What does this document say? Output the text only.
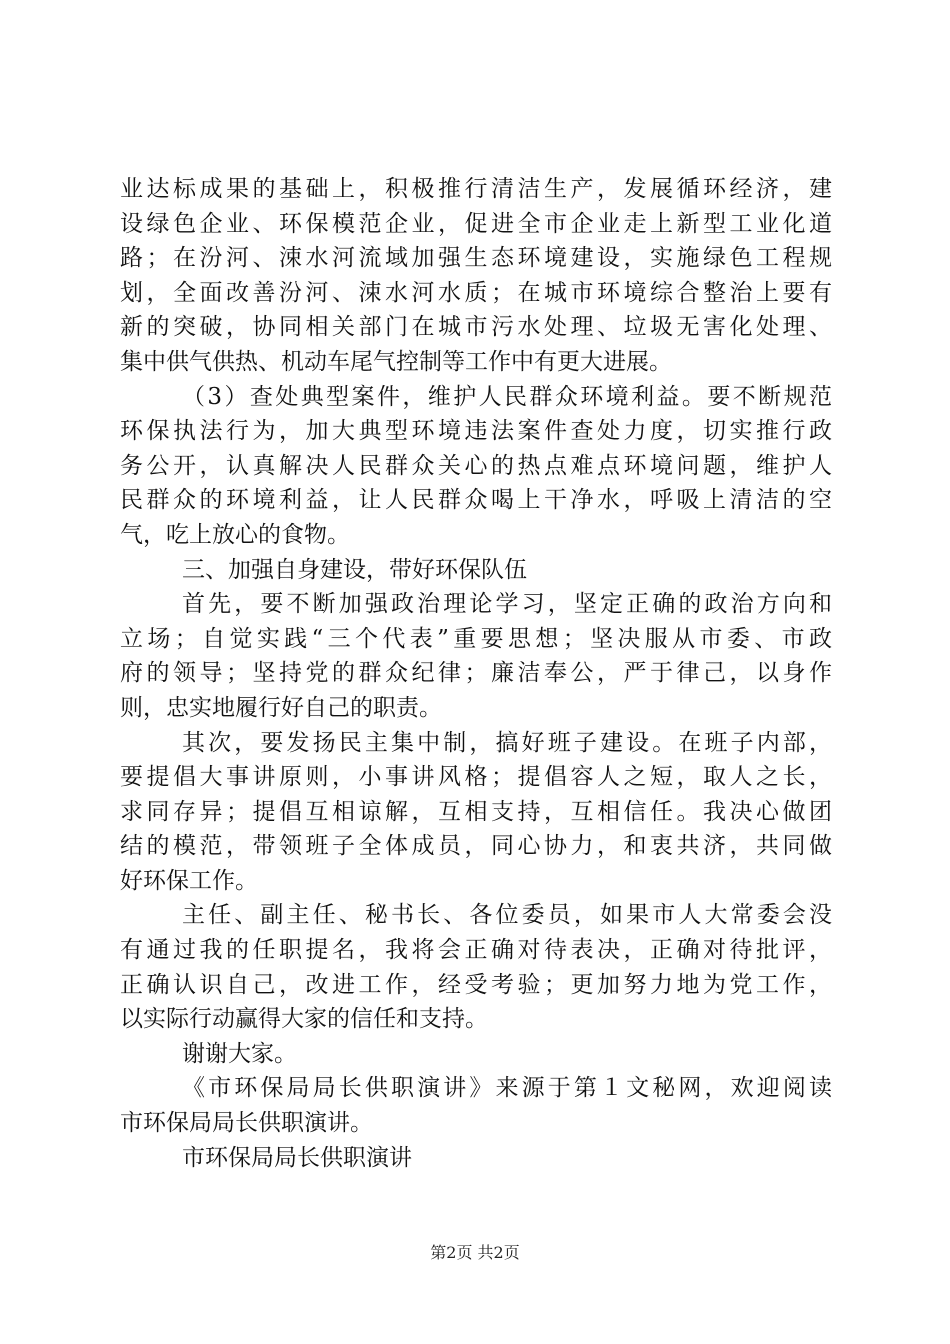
业达标成果的基础上，积极推行清洁生产，发展循环经济，建
设绿色企业、环保模范企业，促进全市企业走上新型工业化道
路；在汾河、涑水河流域加强生态环境建设，实施绿色工程规
划，全面改善汾河、涑水河水质；在城市环境综合整治上要有
新的突破，协同相关部门在城市污水处理、垃圾无害化处理、
集中供气供热、机动车尾气控制等工作中有更大进展。
（3）查处典型案件，维护人民群众环境利益。要不断规范
环保执法行为，加大典型环境违法案件查处力度，切实推行政
务公开，认真解决人民群众关心的热点难点环境问题，维护人
民群众的环境利益，让人民群众喝上干净水，呼吸上清洁的空
气，吃上放心的食物。
三、加强自身建设，带好环保队伍
首先，要不断加强政治理论学习，坚定正确的政治方向和
立场；自觉实践“三个代表”重要思想；坚决服从市委、市政
府的领导；坚持党的群众纪律；廉洁奉公，严于律己，以身作
则，忠实地履行好自己的职责。
其次，要发扬民主集中制，搞好班子建设。在班子内部，
要提倡大事讲原则，小事讲风格；提倡容人之短，取人之长，
求同存异；提倡互相谅解，互相支持，互相信任。我决心做团
结的模范，带领班子全体成员，同心协力，和衷共济，共同做
好环保工作。
主任、副主任、秘书长、各位委员，如果市人大常委会没
有通过我的任职提名，我将会正确对待表决，正确对待批评，
正确认识自己，改进工作，经受考验；更加努力地为党工作，
以实际行动赢得大家的信任和支持。
谢谢大家。
《市环保局局长供职演讲》来源于第１文秘网，欢迎阅读
市环保局局长供职演讲。
市环保局局长供职演讲
第2页 共2页
